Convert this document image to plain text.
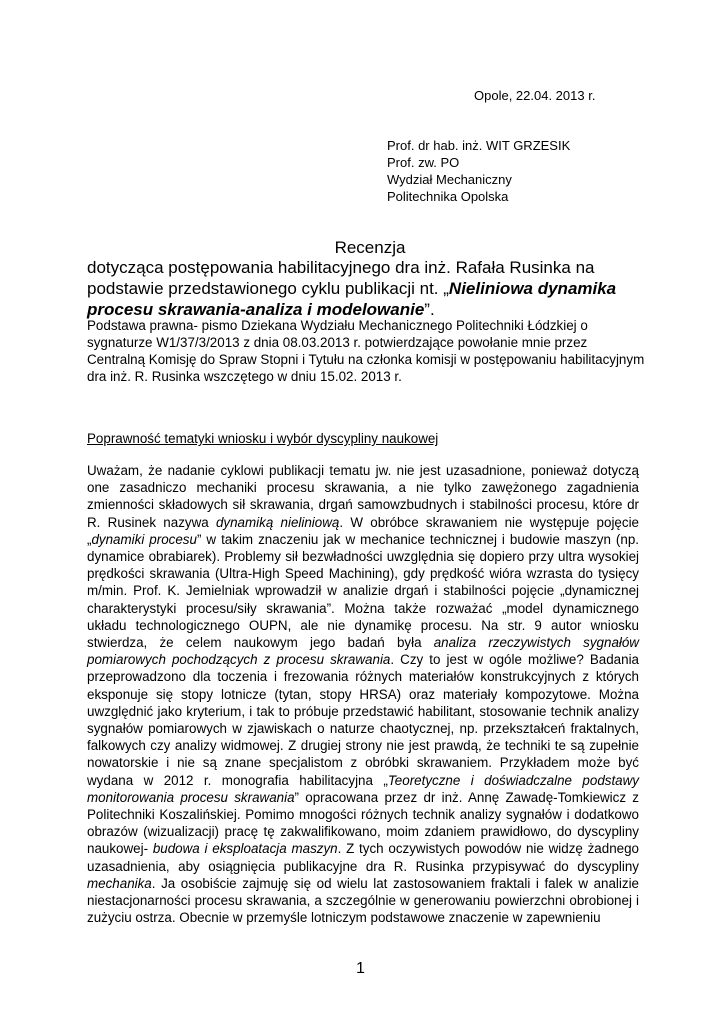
Opole, 22.04. 2013 r.
Prof. dr hab. inż. WIT GRZESIK
Prof. zw. PO
Wydział Mechaniczny
Politechnika Opolska
Recenzja
dotycząca postępowania habilitacyjnego dra inż. Rafała Rusinka na podstawie przedstawionego cyklu publikacji nt. „Nieliniowa dynamika procesu skrawania-analiza i modelowanie”.
Podstawa prawna- pismo Dziekana Wydziału Mechanicznego Politechniki Łódzkiej o sygnaturze W1/37/3/2013 z dnia 08.03.2013 r. potwierdzające powołanie mnie przez Centralną Komisję do Spraw Stopni i Tytułu na członka komisji w postępowaniu habilitacyjnym dra inż. R. Rusinka wszczętego w dniu 15.02. 2013 r.
Poprawność tematyki wniosku i wybór dyscypliny naukowej
Uważam, że nadanie cyklowi publikacji tematu jw. nie jest uzasadnione, ponieważ dotyczą one zasadniczo mechaniki procesu skrawania, a nie tylko zawężonego zagadnienia zmienności składowych sił skrawania, drgań samowzbudnych i stabilności procesu, które dr R. Rusinek nazywa dynamiką nieliniową. W obróbce skrawaniem nie występuje pojęcie „dynamiki procesu” w takim znaczeniu jak w mechanice technicznej i budowie maszyn (np. dynamice obrabiarek). Problemy sił bezwładności uwzględnia się dopiero przy ultra wysokiej prędkości skrawania (Ultra-High Speed Machining), gdy prędkość wióra wzrasta do tysięcy m/min. Prof. K. Jemielniak wprowadził w analizie drgań i stabilności pojęcie „dynamicznej charakterystyki procesu/siły skrawania”. Można także rozważać „model dynamicznego układu technologicznego OUPN, ale nie dynamikę procesu. Na str. 9 autor wniosku stwierdza, że celem naukowym jego badań była analiza rzeczywistych sygnałów pomiarowych pochodzących z procesu skrawania. Czy to jest w ogóle możliwe? Badania przeprowadzono dla toczenia i frezowania różnych materiałów konstrukcyjnych z których eksponuje się stopy lotnicze (tytan, stopy HRSA) oraz materiały kompozytowe. Można uwzględnić jako kryterium, i tak to próbuje przedstawić habilitant, stosowanie technik analizy sygnałów pomiarowych w zjawiskach o naturze chaotycznej, np. przekształceń fraktalnych, falkowych czy analizy widmowej. Z drugiej strony nie jest prawdą, że techniki te są zupełnie nowatorskie i nie są znane specjalistom z obróbki skrawaniem. Przykładem może być wydana w 2012 r. monografia habilitacyjna „Teoretyczne i doświadczalne podstawy monitorowania procesu skrawania” opracowana przez dr inż. Annę Zawadę-Tomkiewicz z Politechniki Koszalińskiej. Pomimo mnogości różnych technik analizy sygnałów i dodatkowo obrazów (wizualizacji) pracę tę zakwalifikowano, moim zdaniem prawidłowo, do dyscypliny naukowej- budowa i eksploatacja maszyn. Z tych oczywistych powodów nie widzę żadnego uzasadnienia, aby osiągnięcia publikacyjne dra R. Rusinka przypisywać do dyscypliny mechanika. Ja osobiście zajmuję się od wielu lat zastosowaniem fraktali i falek w analizie niestacjonarności procesu skrawania, a szczególnie w generowaniu powierzchni obrobionej i zużyciu ostrza. Obecnie w przemyśle lotniczym podstawowe znaczenie w zapewnieniu
1
